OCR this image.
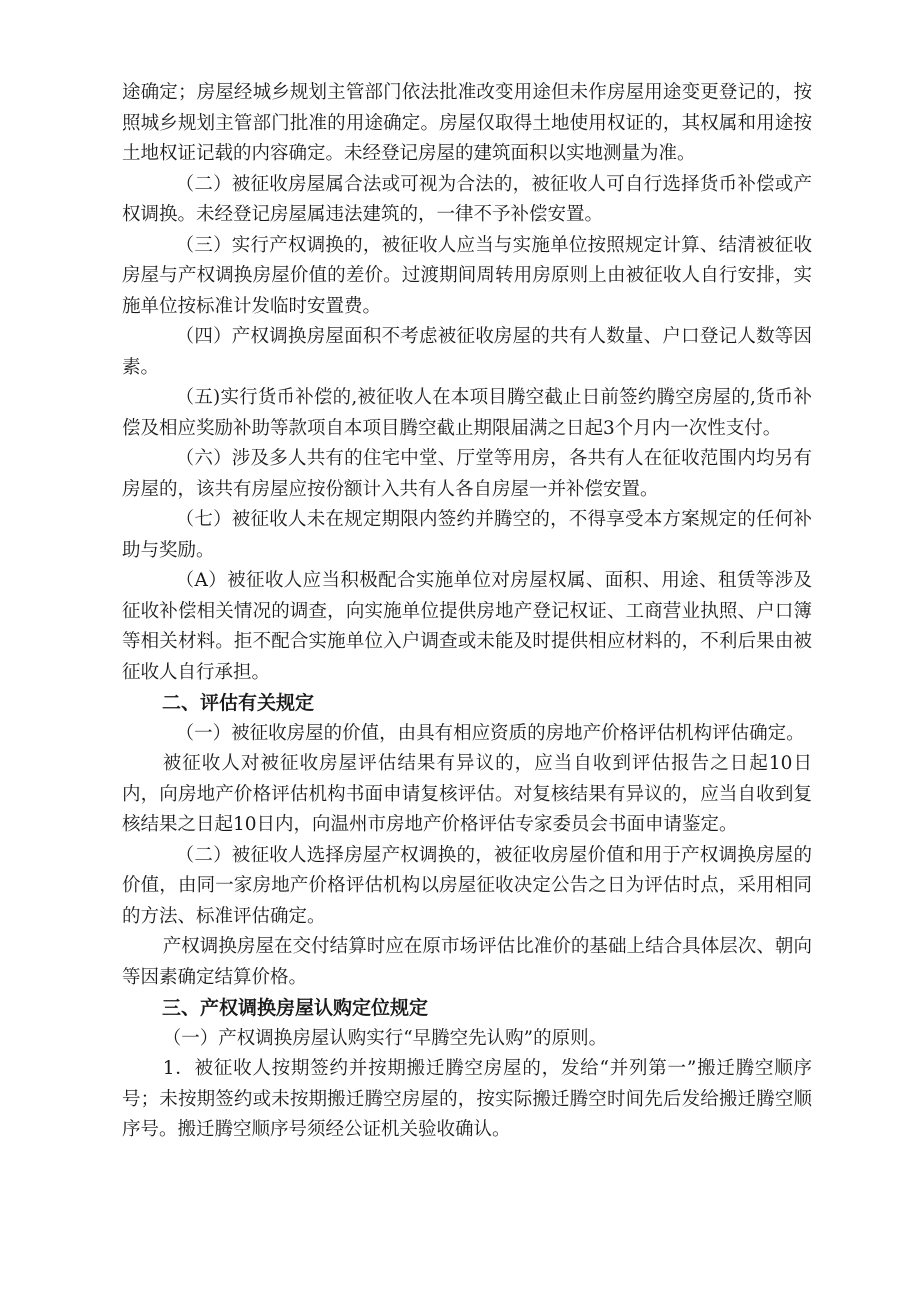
途确定；房屋经城乡规划主管部门依法批准改变用途但未作房屋用途变更登记的，按照城乡规划主管部门批准的用途确定。房屋仅取得土地使用权证的，其权属和用途按土地权证记载的内容确定。未经登记房屋的建筑面积以实地测量为准。

（二）被征收房屋属合法或可视为合法的，被征收人可自行选择货币补偿或产权调换。未经登记房屋属违法建筑的，一律不予补偿安置。

（三）实行产权调换的，被征收人应当与实施单位按照规定计算、结清被征收房屋与产权调换房屋价值的差价。过渡期间周转用房原则上由被征收人自行安排，实施单位按标准计发临时安置费。

（四）产权调换房屋面积不考虑被征收房屋的共有人数量、户口登记人数等因素。

（五)实行货币补偿的,被征收人在本项目腾空截止日前签约腾空房屋的,货币补偿及相应奖励补助等款项自本项目腾空截止期限届满之日起3个月内一次性支付。

（六）涉及多人共有的住宅中堂、厅堂等用房，各共有人在征收范围内均另有房屋的，该共有房屋应按份额计入共有人各自房屋一并补偿安置。

（七）被征收人未在规定期限内签约并腾空的，不得享受本方案规定的任何补助与奖励。

（A）被征收人应当积极配合实施单位对房屋权属、面积、用途、租赁等涉及征收补偿相关情况的调查，向实施单位提供房地产登记权证、工商营业执照、户口簿等相关材料。拒不配合实施单位入户调查或未能及时提供相应材料的，不利后果由被征收人自行承担。

二、评估有关规定

（一）被征收房屋的价值，由具有相应资质的房地产价格评估机构评估确定。

被征收人对被征收房屋评估结果有异议的，应当自收到评估报告之日起10日内，向房地产价格评估机构书面申请复核评估。对复核结果有异议的，应当自收到复核结果之日起10日内，向温州市房地产价格评估专家委员会书面申请鉴定。

（二）被征收人选择房屋产权调换的，被征收房屋价值和用于产权调换房屋的价值，由同一家房地产价格评估机构以房屋征收决定公告之日为评估时点，采用相同的方法、标准评估确定。

产权调换房屋在交付结算时应在原市场评估比准价的基础上结合具体层次、朝向等因素确定结算价格。

三、产权调换房屋认购定位规定

（一）产权调换房屋认购实行“早腾空先认购”的原则。

1．被征收人按期签约并按期搬迁腾空房屋的，发给“并列第一”搬迁腾空顺序号；未按期签约或未按期搬迁腾空房屋的，按实际搬迁腾空时间先后发给搬迁腾空顺序号。搬迁腾空顺序号须经公证机关验收确认。
